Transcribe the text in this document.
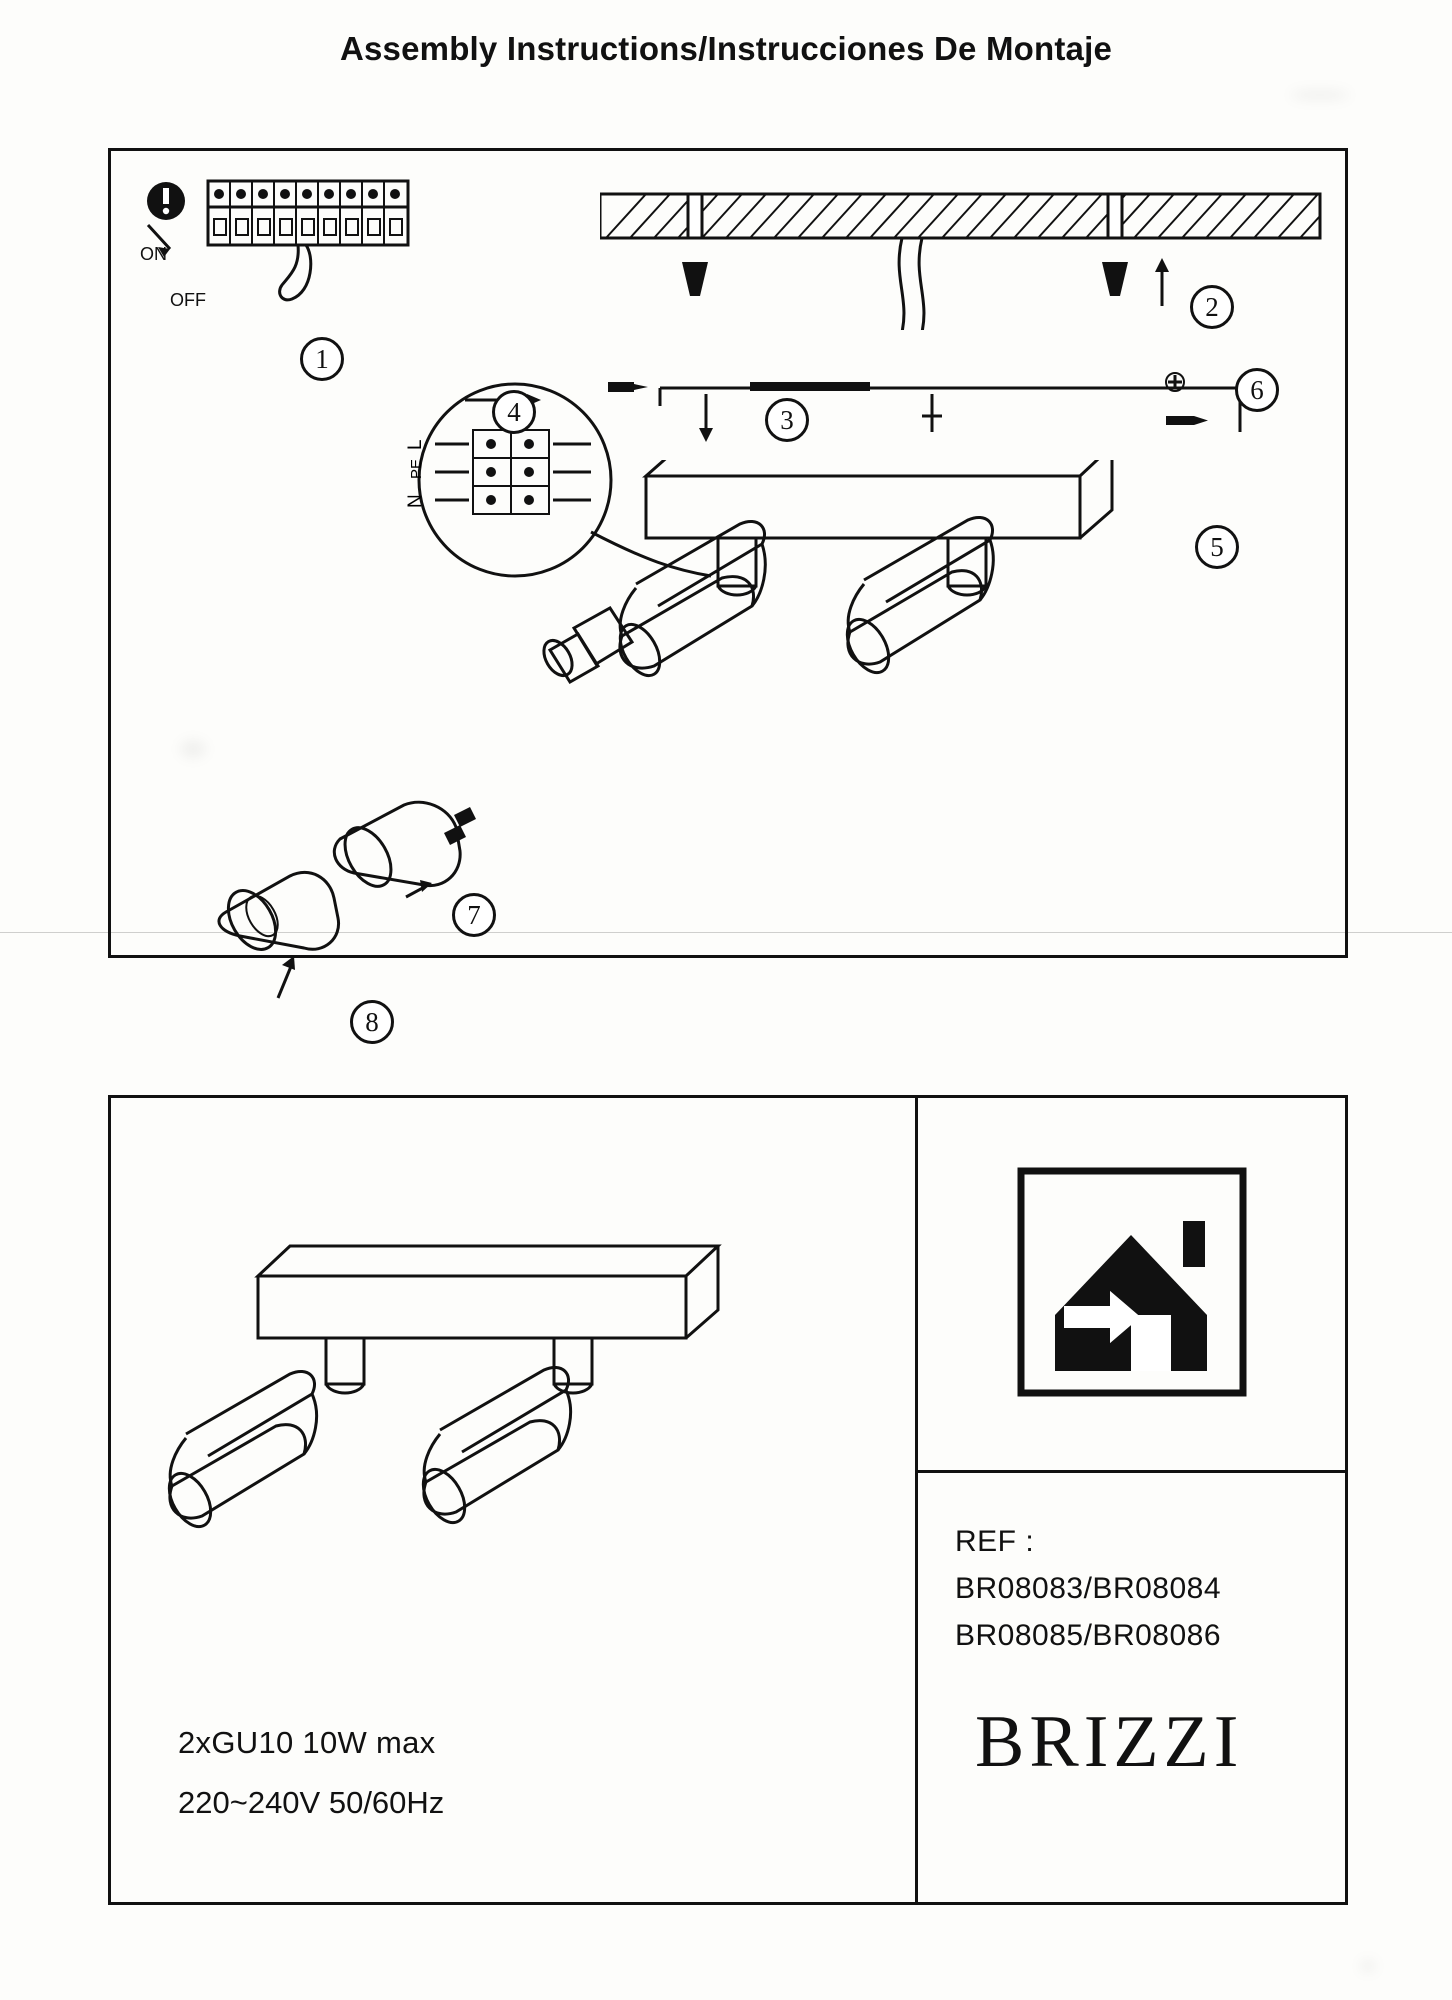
Assembly Instructions/Instrucciones De Montaje
ON
OFF
1
2
3
6
L
PE
N
4
5
7
8
2xGU10 10W max
220~240V 50/60Hz
REF :
BR08083/BR08084
BR08085/BR08086
BRIZZI
